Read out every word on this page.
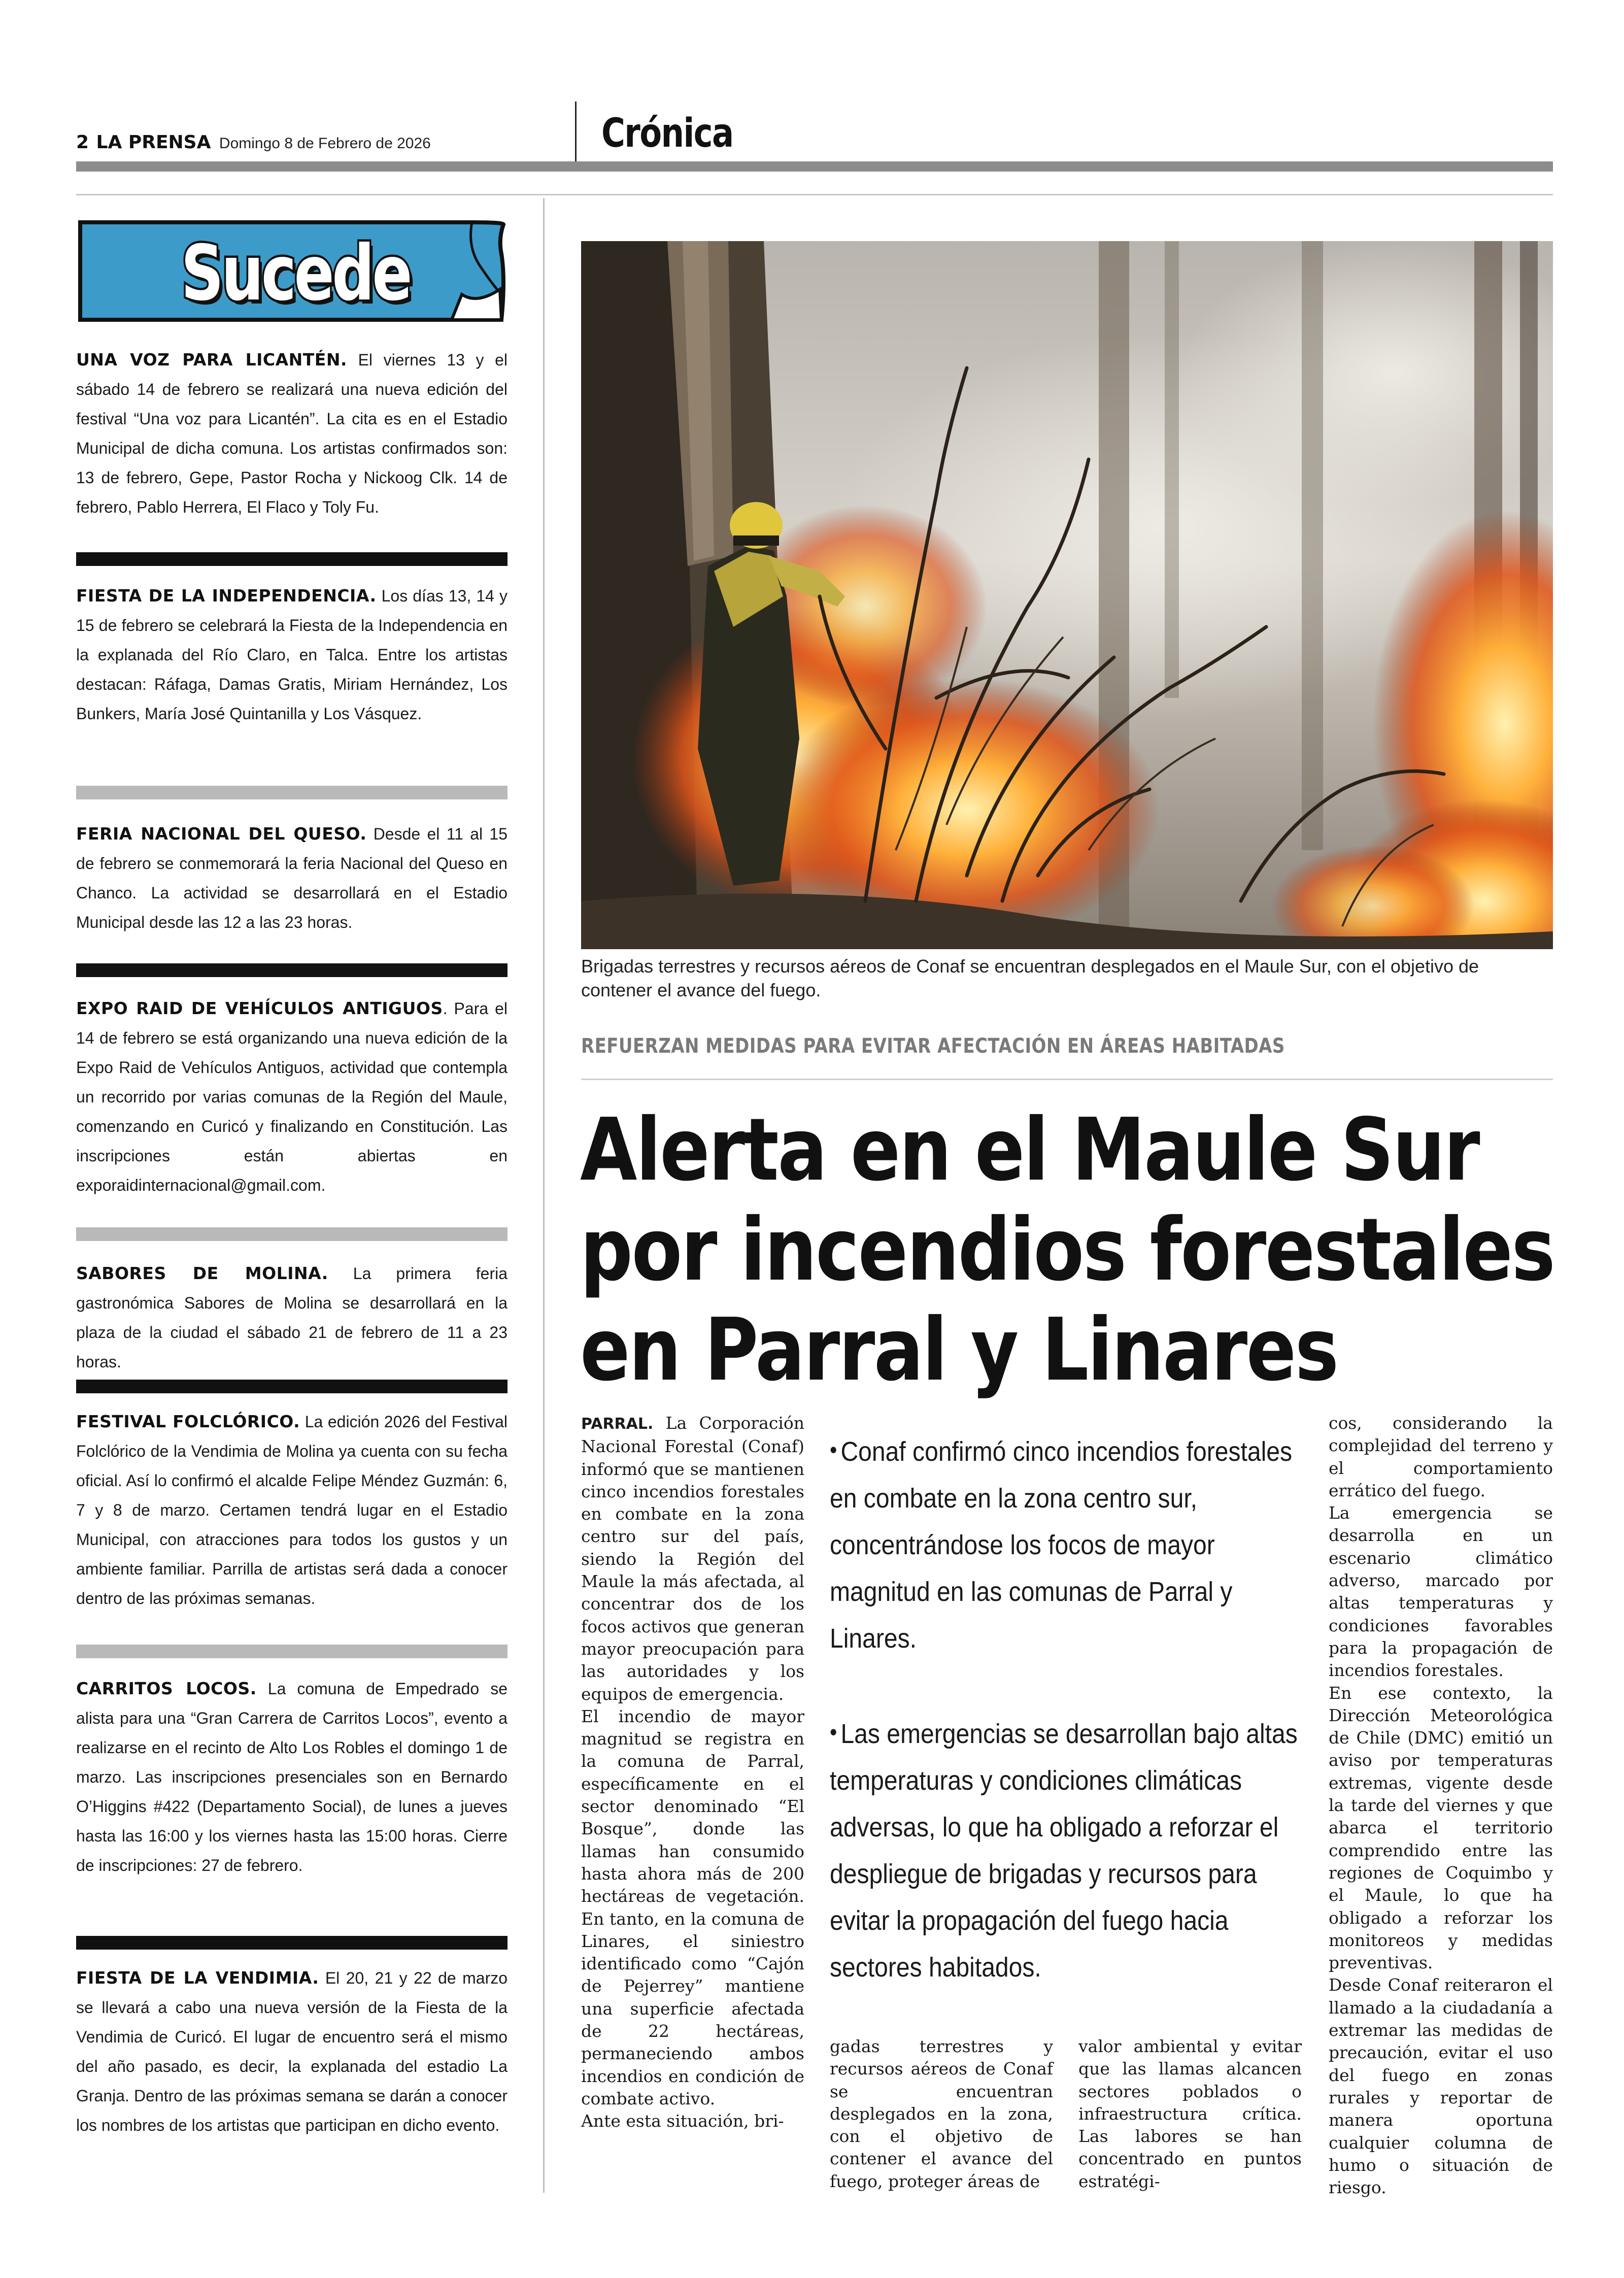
2 LA PRENSA Domingo 8 de Febrero de 2026	Crónica
Sucede
UNA VOZ PARA LICANTÉN. El viernes 13 y el sábado 14 de febrero se realizará una nueva edición del festival “Una voz para Licantén”. La cita es en el Estadio Municipal de dicha comuna. Los artistas confirmados son: 13 de febrero, Gepe, Pastor Rocha y Nickoog Clk. 14 de febrero, Pablo Herrera, El Flaco y Toly Fu.
FIESTA DE LA INDEPENDENCIA. Los días 13, 14 y 15 de febrero se celebrará la Fiesta de la Independencia en la explanada del Río Claro, en Talca. Entre los artistas destacan: Ráfaga, Damas Gratis, Miriam Hernández, Los Bunkers, María José Quintanilla y Los Vásquez.
FERIA NACIONAL DEL QUESO. Desde el 11 al 15 de febrero se conmemorará la feria Nacional del Queso en Chanco. La actividad se desarrollará en el Estadio Municipal desde las 12 a las 23 horas.
EXPO RAID DE VEHÍCULOS ANTIGUOS. Para el 14 de febrero se está organizando una nueva edición de la Expo Raid de Vehículos Antiguos, actividad que contempla un recorrido por varias comunas de la Región del Maule, comenzando en Curicó y finalizando en Constitución. Las inscripciones están abiertas en exporaidinternacional@gmail.com.
SABORES DE MOLINA. La primera feria gastronómica Sabores de Molina se desarrollará en la plaza de la ciudad el sábado 21 de febrero de 11 a 23 horas.
FESTIVAL FOLCLÓRICO. La edición 2026 del Festival Folclórico de la Vendimia de Molina ya cuenta con su fecha oficial. Así lo confirmó el alcalde Felipe Méndez Guzmán: 6, 7 y 8 de marzo. Certamen tendrá lugar en el Estadio Municipal, con atracciones para todos los gustos y un ambiente familiar. Parrilla de artistas será dada a conocer dentro de las próximas semanas.
CARRITOS LOCOS. La comuna de Empedrado se alista para una “Gran Carrera de Carritos Locos”, evento a realizarse en el recinto de Alto Los Robles el domingo 1 de marzo. Las inscripciones presenciales son en Bernardo O’Higgins #422 (Departamento Social), de lunes a jueves hasta las 16:00 y los viernes hasta las 15:00 horas. Cierre de inscripciones: 27 de febrero.
FIESTA DE LA VENDIMIA. El 20, 21 y 22 de marzo se llevará a cabo una nueva versión de la Fiesta de la Vendimia de Curicó. El lugar de encuentro será el mismo del año pasado, es decir, la explanada del estadio La Granja. Dentro de las próximas semana se darán a conocer los nombres de los artistas que participan en dicho evento.
Brigadas terrestres y recursos aéreos de Conaf se encuentran desplegados en el Maule Sur, con el objetivo de contener el avance del fuego.
REFUERZAN MEDIDAS PARA EVITAR AFECTACIÓN EN ÁREAS HABITADAS
Alerta en el Maule Sur
por incendios forestales
en Parral y Linares

PARRAL. La Corporación Nacional Forestal (Conaf) informó que se mantienen cinco incendios forestales en combate en la zona centro sur del país, siendo la Región del Maule la más afectada, al concentrar dos de los focos activos que generan mayor preocupación para las autoridades y los equipos de emergencia.

El incendio de mayor magnitud se registra en la comuna de Parral, específicamente en el sector denominado “El Bosque”, donde las llamas han consumido hasta ahora más de 200 hectáreas de vegetación. En tanto, en la comuna de Linares, el siniestro identificado como “Cajón de Pejerrey” mantiene una superficie afectada de 22 hectáreas, permaneciendo ambos incendios en condición de combate activo.

Ante esta situación, bri-

• Conaf confirmó cinco incendios forestales en combate en la zona centro sur, concentrándose los focos de mayor magnitud en las comunas de Parral y Linares.
• Las emergencias se desarrollan bajo altas temperaturas y condiciones climáticas adversas, lo que ha obligado a reforzar el despliegue de brigadas y recursos para evitar la propagación del fuego hacia sectores habitados.

gadas terrestres y recursos aéreos de Conaf se encuentran desplegados en la zona, con el objetivo de contener el avance del fuego, proteger áreas de

valor ambiental y evitar que las llamas alcancen sectores poblados o infraestructura crítica. Las labores se han concentrado en puntos estratégi-

cos, considerando la complejidad del terreno y el comportamiento errático del fuego.

La emergencia se desarrolla en un escenario climático adverso, marcado por altas temperaturas y condiciones favorables para la propagación de incendios forestales.

En ese contexto, la Dirección Meteorológica de Chile (DMC) emitió un aviso por temperaturas extremas, vigente desde la tarde del viernes y que abarca el territorio comprendido entre las regiones de Coquimbo y el Maule, lo que ha obligado a reforzar los monitoreos y medidas preventivas.

Desde Conaf reiteraron el llamado a la ciudadanía a extremar las medidas de precaución, evitar el uso del fuego en zonas rurales y reportar de manera oportuna cualquier columna de humo o situación de riesgo.
